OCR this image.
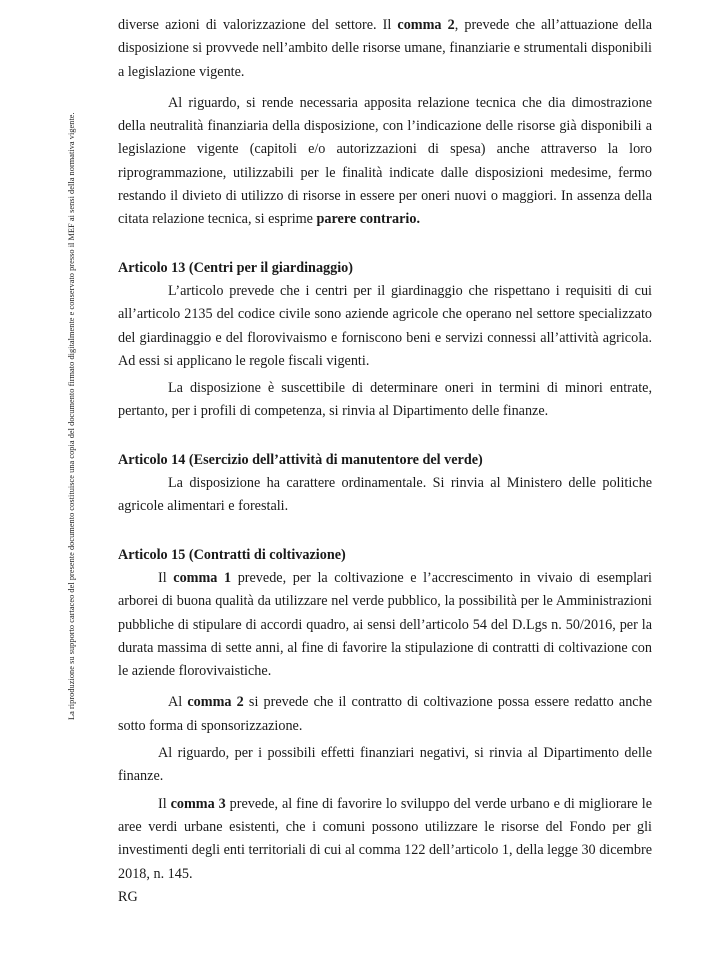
La riproduzione su supporto cartaceo del presente documento costituisce una copia del documento firmato digitalmente e conservato presso il MEF ai sensi della normativa vigente.

diverse azioni di valorizzazione del settore. Il comma 2, prevede che all’attuazione della disposizione si provvede nell’ambito delle risorse umane, finanziarie e strumentali disponibili a legislazione vigente.

Al riguardo, si rende necessaria apposita relazione tecnica che dia dimostrazione della neutralità finanziaria della disposizione, con l’indicazione delle risorse già disponibili a legislazione vigente (capitoli e/o autorizzazioni di spesa) anche attraverso la loro riprogrammazione, utilizzabili per le finalità indicate dalle disposizioni medesime, fermo restando il divieto di utilizzo di risorse in essere per oneri nuovi o maggiori. In assenza della citata relazione tecnica, si esprime parere contrario.

Articolo 13 (Centri per il giardinaggio)

L’articolo prevede che i centri per il giardinaggio che rispettano i requisiti di cui all’articolo 2135 del codice civile sono aziende agricole che operano nel settore specializzato del giardinaggio e del florovivaismo e forniscono beni e servizi connessi all’attività agricola. Ad essi si applicano le regole fiscali vigenti.

La disposizione è suscettibile di determinare oneri in termini di minori entrate, pertanto, per i profili di competenza, si rinvia al Dipartimento delle finanze.

Articolo 14 (Esercizio dell’attività di manutentore del verde)

La disposizione ha carattere ordinamentale. Si rinvia al Ministero delle politiche agricole alimentari e forestali.

Articolo 15 (Contratti di coltivazione)

Il comma 1 prevede, per la coltivazione e l’accrescimento in vivaio di esemplari arborei di buona qualità da utilizzare nel verde pubblico, la possibilità per le Amministrazioni pubbliche di stipulare di accordi quadro, ai sensi dell’articolo 54 del D.Lgs n. 50/2016, per la durata massima di sette anni, al fine di favorire la stipulazione di contratti di coltivazione con le aziende florovivaistiche.

Al comma 2 si prevede che il contratto di coltivazione possa essere redatto anche sotto forma di sponsorizzazione.

Al riguardo, per i possibili effetti finanziari negativi, si rinvia al Dipartimento delle finanze.

Il comma 3 prevede, al fine di favorire lo sviluppo del verde urbano e di migliorare le aree verdi urbane esistenti, che i comuni possono utilizzare le risorse del Fondo per gli investimenti degli enti territoriali di cui al comma 122 dell’articolo 1, della legge 30 dicembre 2018, n. 145.

RG
